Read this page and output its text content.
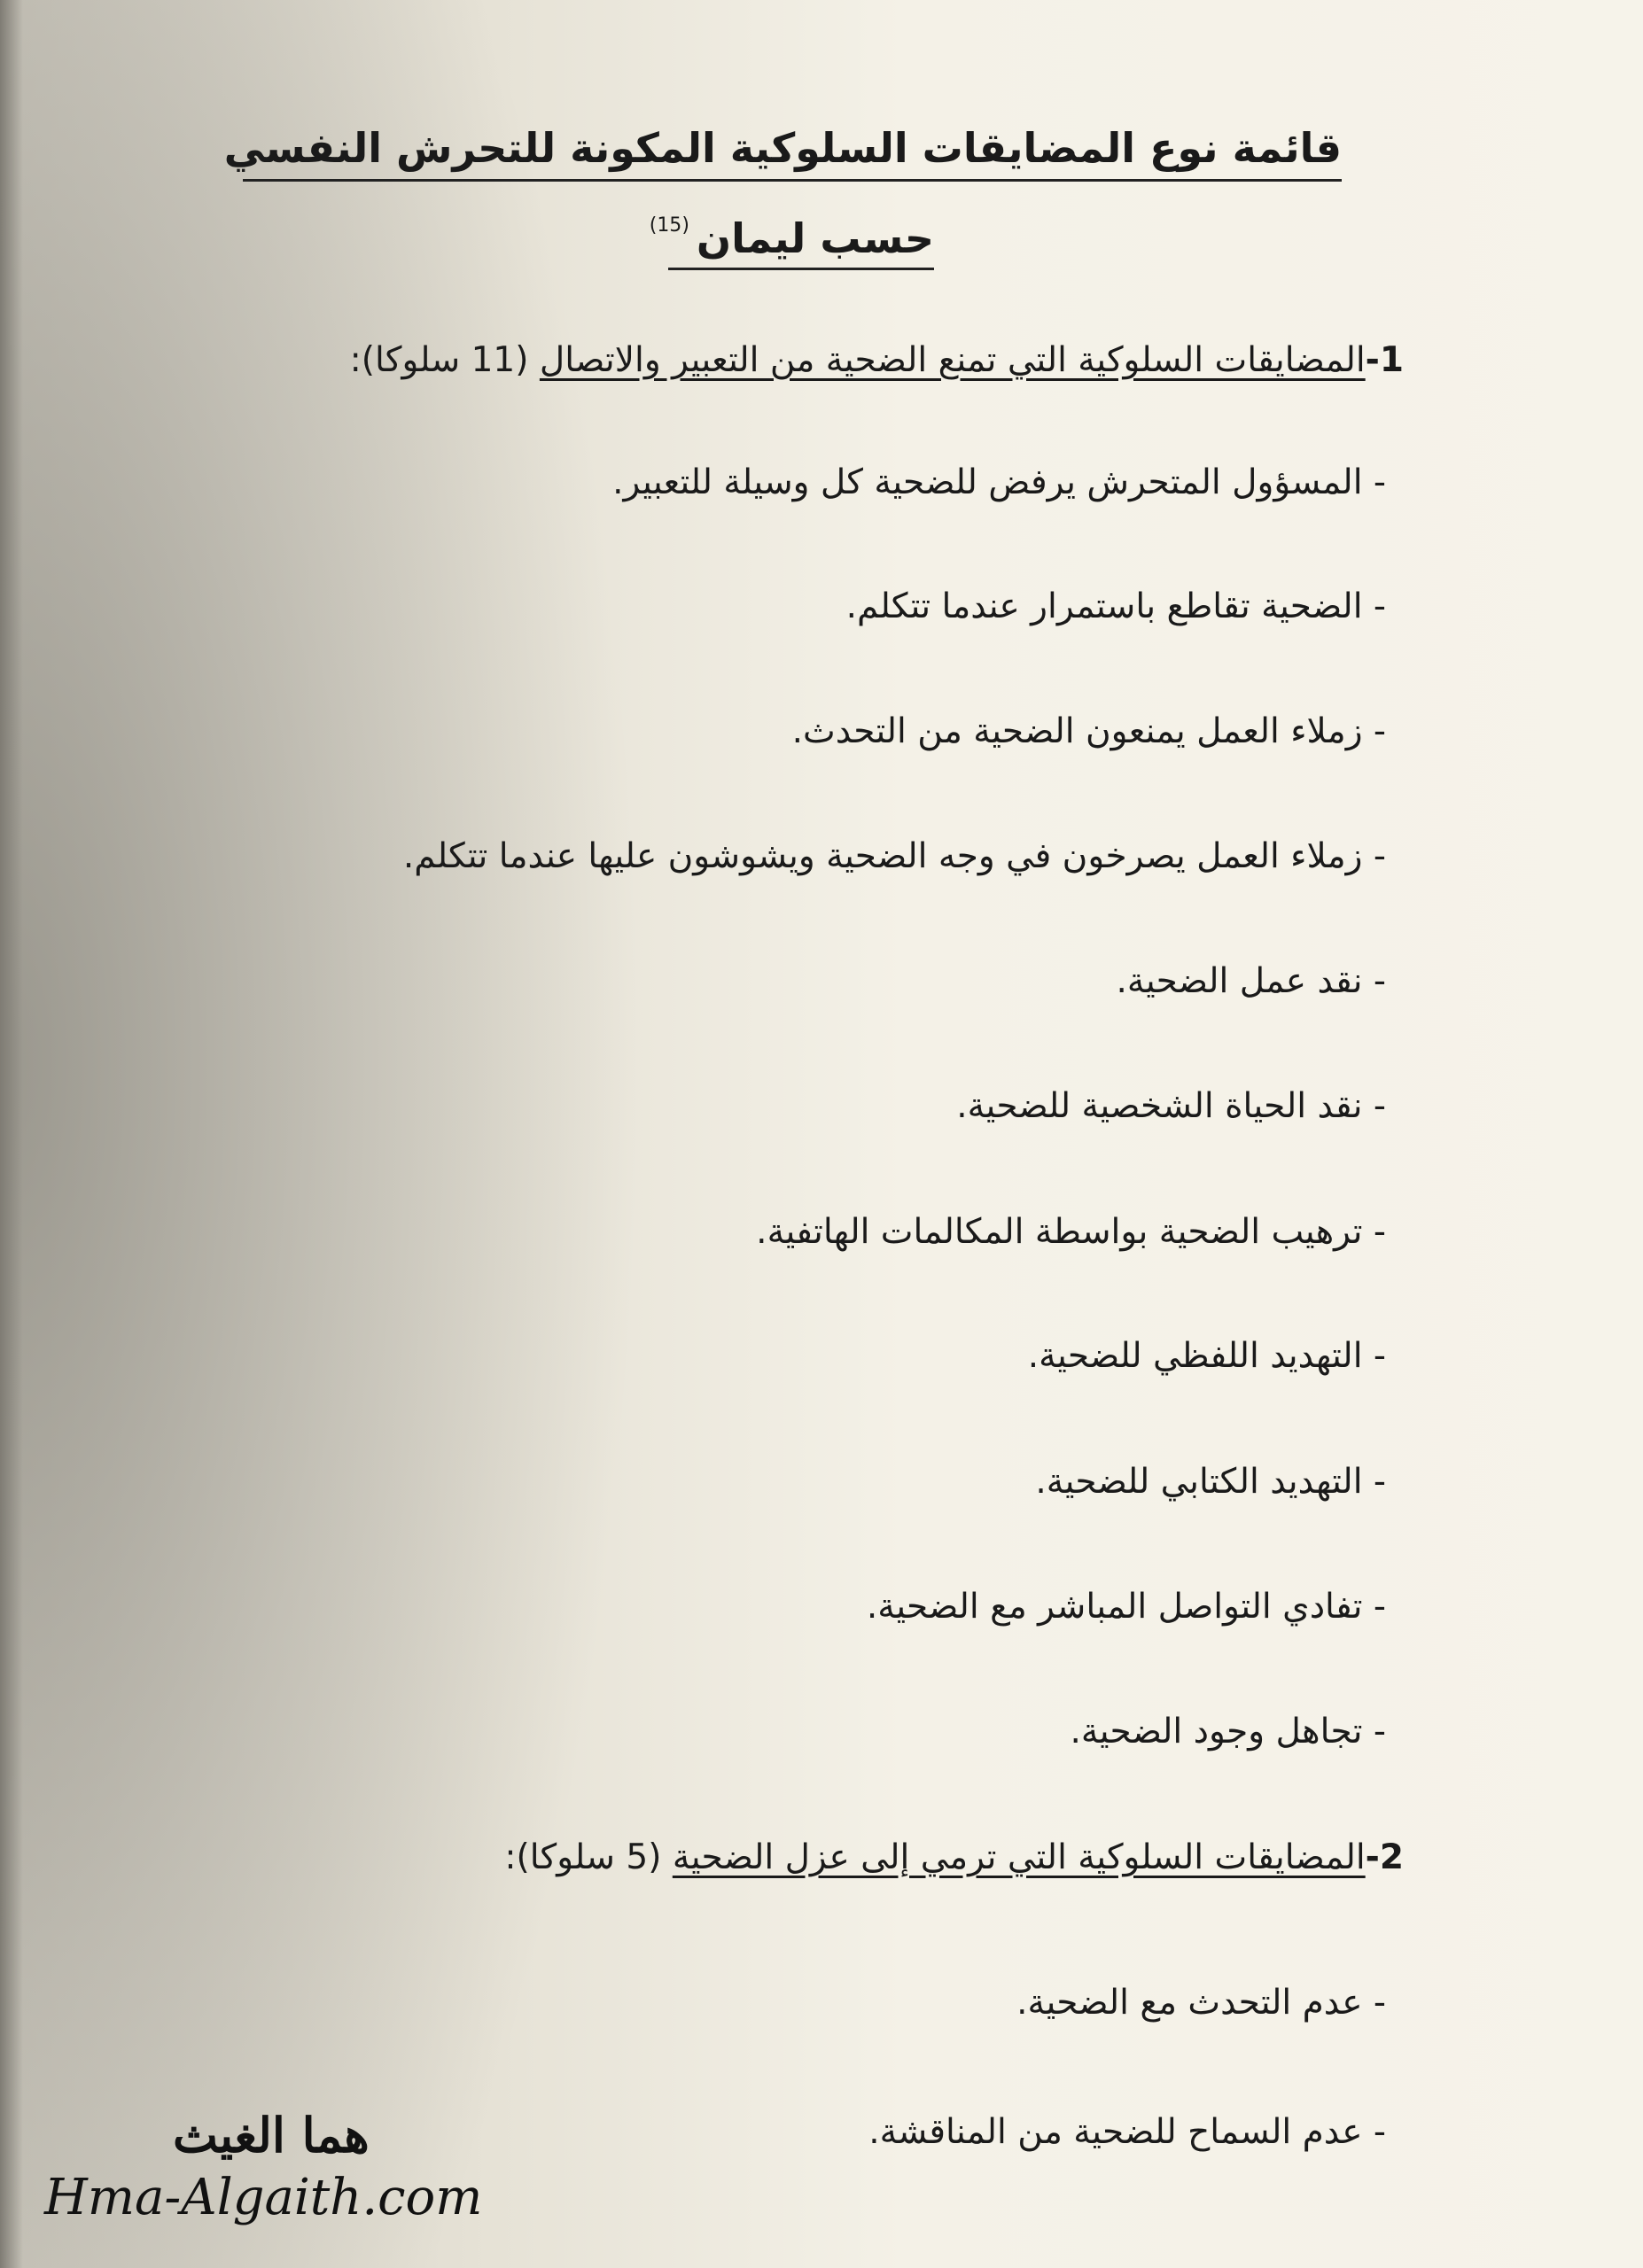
قائمة نوع المضايقات السلوكية المكونة للتحرش النفسي
حسب ليمان$^{(15)}$
1-المضايقات السلوكية التي تمنع الضحية من التعبير والاتصال (11 سلوكا):
- المسؤول المتحرش يرفض للضحية كل وسيلة للتعبير.
- الضحية تقاطع باستمرار عندما تتكلم.
- زملاء العمل يمنعون الضحية من التحدث.
- زملاء العمل يصرخون في وجه الضحية ويشوشون عليها عندما تتكلم.
- نقد عمل الضحية.
- نقد الحياة الشخصية للضحية.
- ترهيب الضحية بواسطة المكالمات الهاتفية.
- التهديد اللفظي للضحية.
- التهديد الكتابي للضحية.
- تفادي التواصل المباشر مع الضحية.
- تجاهل وجود الضحية.
2-المضايقات السلوكية التي ترمي إلى عزل الضحية (5 سلوكا):
- عدم التحدث مع الضحية.
- عدم السماح للضحية من المناقشة.
هما الغيث
Hma-Algaith.com
